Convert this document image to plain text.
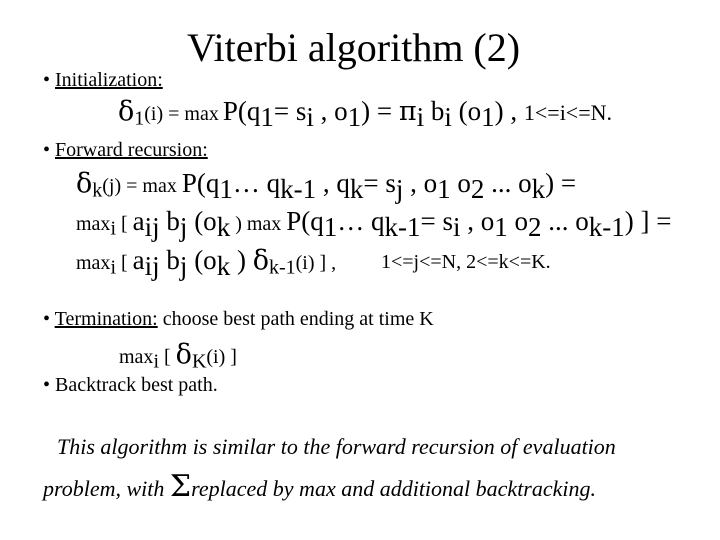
Viterbi algorithm (2)
• Initialization:
$\delta_1(i) = \max P(q_1= s_i$ , $o_1) = \pi_i$ $b_i$ $(o_1)$ , 1<=i<=N.
• Forward recursion:
$\delta_k(j) = \max$ $P(q_1\dots$ $q_{k-1}$ , $q_k= s_j$ , $o_1$ $o_2$ ... $o_k$) =
$\max_i$ [ $a_{ij}$ $b_j$ ($o_k$ ) $\max P(q_1\dots$ $q_{k-1}= s_i$ , $o_1$ $o_2$ ... $o_{k-1}$) ] =
$\max_i$ [ $a_{ij}$ $b_j$ ($o_k$ ) $\delta_{k-1}(i)$ ] , 1<=j<=N, 2<=k<=K.
• Termination: choose best path ending at time K
$\max_i$ [ $\delta_K(i)$ ]
• Backtrack best path.
This algorithm is similar to the forward recursion of evaluation
problem, with Σreplaced by max and additional backtracking.
